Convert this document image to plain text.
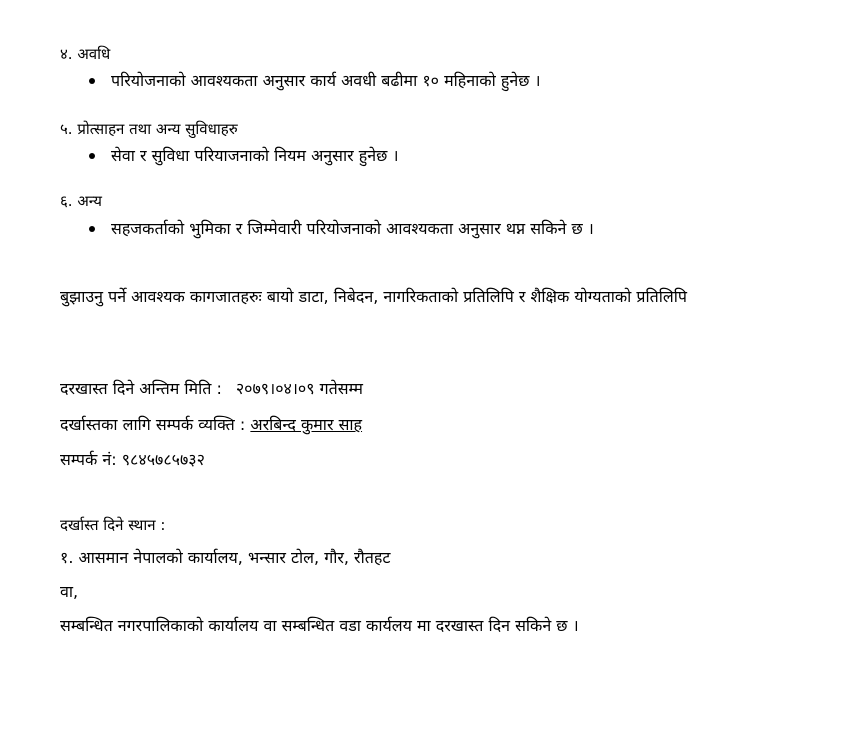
४. अवधि
परियोजनाको आवश्यकता अनुसार कार्य अवधी बढीमा १० महिनाको हुनेछ ।
५. प्रोत्साहन तथा अन्य सुविधाहरु
सेवा र सुविधा परियाजनाको नियम अनुसार हुनेछ ।
६. अन्य
सहजकर्ताको भुमिका र जिम्मेवारी परियोजनाको आवश्यकता अनुसार थप्न सकिने छ ।
बुझाउनु पर्ने आवश्यक कागजातहरुः बायो डाटा, निबेदन, नागरिकताको प्रतिलिपि र शैक्षिक योग्यताको प्रतिलिपि
दरखास्त दिने अन्तिम मिति : २०७९।०४।०९ गतेसम्म
दर्खास्तका लागि सम्पर्क व्यक्ति : अरबिन्द कुमार साह
सम्पर्क नं: ९८४५७८५७३२
दर्खास्त दिने स्थान :
१. आसमान नेपालको कार्यालय, भन्सार टोल, गौर, रौतहट
वा,
सम्बन्धित नगरपालिकाको कार्यालय वा सम्बन्धित वडा कार्यलय मा दरखास्त दिन सकिने छ ।
